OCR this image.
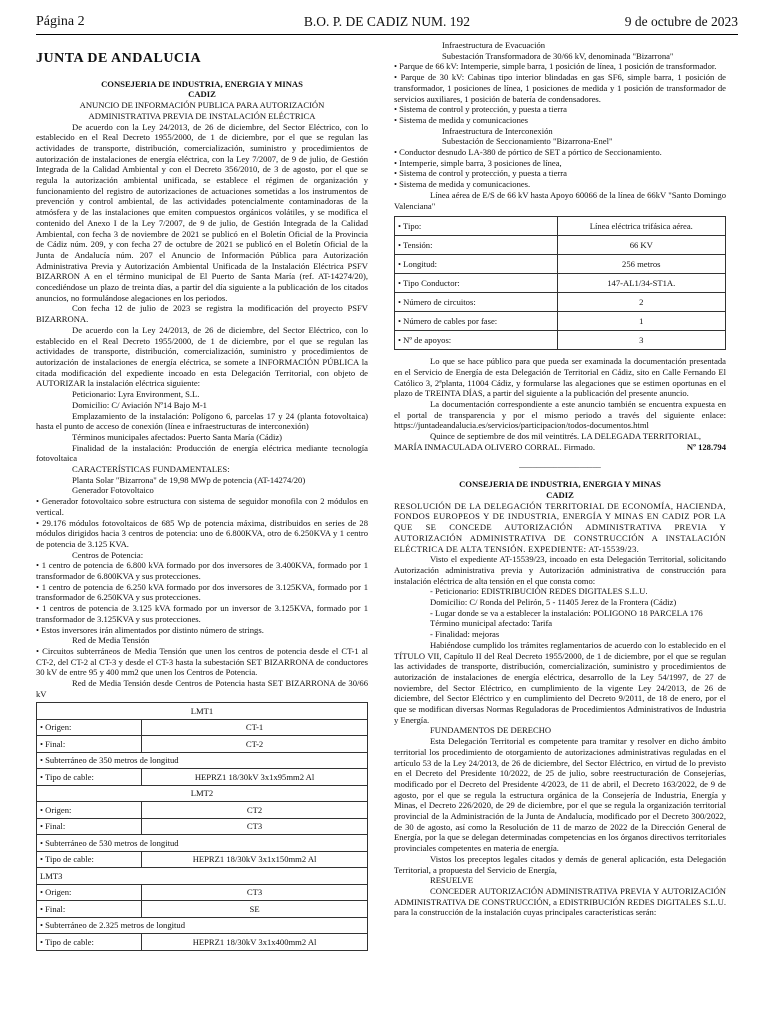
Página 2	B.O. P. DE CADIZ NUM. 192	9 de octubre de 2023

JUNTA DE ANDALUCIA

CONSEJERIA DE INDUSTRIA, ENERGIA Y MINAS

CADIZ

ANUNCIO DE INFORMACIÓN PUBLICA PARA AUTORIZACIÓN

ADMINISTRATIVA PREVIA DE INSTALACIÓN ELÉCTRICA

De acuerdo con la Ley 24/2013, de 26 de diciembre, del Sector Eléctrico, con lo establecido en el Real Decreto 1955/2000, de 1 de diciembre, por el que se regulan las actividades de transporte, distribución, comercialización, suministro y procedimientos de autorización de instalaciones de energía eléctrica, con la Ley 7/2007, de 9 de julio, de Gestión Integrada de la Calidad Ambiental y con el Decreto 356/2010, de 3 de agosto, por el que se regula la autorización ambiental unificada, se establece el régimen de organización y funcionamiento del registro de autorizaciones de actuaciones sometidas a los instrumentos de prevención y control ambiental, de las actividades potencialmente contaminadoras de la atmósfera y de las instalaciones que emiten compuestos orgánicos volátiles, y se modifica el contenido del Anexo I de la Ley 7/2007, de 9 de julio, de Gestión Integrada de la Calidad Ambiental, con fecha 3 de noviembre de 2021 se publicó en el Boletín Oficial de la Provincia de Cádiz núm. 209, y con fecha 27 de octubre de 2021 se publicó en el Boletín Oficial de la Junta de Andalucía núm. 207 el Anuncio de Información Pública para Autorización Administrativa Previa y Autorización Ambiental Unificada de la Instalación Eléctrica PSFV BIZARRON A en el término municipal de El Puerto de Santa María (ref. AT-14274/20), concediéndose un plazo de treinta días, a partir del día siguiente a la publicación de los citados anuncios, no formulándose alegaciones en los periodos.

Con fecha 12 de julio de 2023 se registra la modificación del proyecto PSFV BIZARRONA.

De acuerdo con la Ley 24/2013, de 26 de diciembre, del Sector Eléctrico, con lo establecido en el Real Decreto 1955/2000, de 1 de diciembre, por el que se regulan las actividades de transporte, distribución, comercialización, suministro y procedimientos de autorización de instalaciones de energía eléctrica, se somete a INFORMACIÓN PÚBLICA la citada modificación del expediente incoado en esta Delegación Territorial, con objeto de AUTORIZAR la instalación eléctrica siguiente:

Peticionario: Lyra Environment, S.L.

Domicilio: C/ Aviación Nº14 Bajo M-1

Emplazamiento de la instalación: Polígono 6, parcelas 17 y 24 (planta fotovoltaica) hasta el punto de acceso de conexión (línea e infraestructuras de interconexión)

Términos municipales afectados: Puerto Santa María (Cádiz)

Finalidad de la instalación: Producción de energía eléctrica mediante tecnología fotovoltaica

CARACTERÍSTICAS FUNDAMENTALES:

Planta Solar "Bizarrona" de 19,98 MWp de potencia (AT-14274/20)

Generador Fotovoltaico

• Generador fotovoltaico sobre estructura con sistema de seguidor monofila con 2 módulos en vertical.

• 29.176 módulos fotovoltaicos de 685 Wp de potencia máxima, distribuidos en series de 28 módulos dirigidos hacia 3 centros de potencia: uno de 6.800KVA, otro de 6.250KVA y 1 centro de potencia de 3.125 KVA.

Centros de Potencia:

• 1 centro de potencia de 6.800 kVA formado por dos inversores de 3.400KVA, formado por 1 transformador de 6.800KVA y sus protecciones.

• 1 centro de potencia de 6.250 kVA formado por dos inversores de 3.125KVA, formado por 1 transformador de 6.250KVA y sus protecciones.

• 1 centros de potencia de 3.125 kVA formado por un inversor de 3.125KVA, formado por 1 transformador de 3.125KVA y sus protecciones.

• Estos inversores irán alimentados por distinto número de strings.

Red de Media Tensión

• Circuitos subterráneos de Media Tensión que unen los centros de potencia desde el CT-1 al CT-2, del CT-2 al CT-3 y desde el CT-3 hasta la subestación SET BIZARRONA de conductores 30 kV de entre 95 y 400 mm2 que unen los Centros de Potencia.

Red de Media Tensión desde Centros de Potencia hasta SET BIZARRONA de 30/66 kV

LMT1	
• Origen:	CT-1
• Final:	CT-2
• Subterráneo de 350 metros de longitud	
• Tipo de cable:	HEPRZ1 18/30kV 3x1x95mm2 Al
LMT2	
• Origen:	CT2
• Final:	CT3
• Subterráneo de 530 metros de longitud	
• Tipo de cable:	HEPRZ1 18/30kV 3x1x150mm2 Al
LMT3	
• Origen:	CT3
• Final:	SE
• Subterráneo de 2.325 metros de longitud	
• Tipo de cable:	HEPRZ1 18/30kV 3x1x400mm2 Al

Infraestructura de Evacuación

Subestación Transformadora de 30/66 kV, denominada "Bizarrona"

• Parque de 66 kV: Intemperie, simple barra, 1 posición de línea, 1 posición de transformador.

• Parque de 30 kV: Cabinas tipo interior blindadas en gas SF6, simple barra, 1 posición de transformador, 1 posiciones de línea, 1 posiciones de medida y 1 posición de transformador de servicios auxiliares, 1 posición de batería de condensadores.

• Sistema de control y protección, y puesta a tierra

• Sistema de medida y comunicaciones

Infraestructura de Interconexión

Subestación de Seccionamiento "Bizarrona-Enel"

• Conductor desnudo LA-380 de pórtico de SET a pórtico de Seccionamiento.

• Intemperie, simple barra, 3 posiciones de línea,

• Sistema de control y protección, y puesta a tierra

• Sistema de medida y comunicaciones.

Línea aérea de E/S de 66 kV hasta Apoyo 60066 de la línea de 66kV "Santo Domingo Valenciana"

• Tipo:	Línea eléctrica trifásica aérea.
• Tensión:	66 KV
• Longitud:	256 metros
• Tipo Conductor:	147-AL1/34-ST1A.
• Número de circuitos:	2
• Número de cables por fase:	1
• Nº de apoyos:	3

Lo que se hace público para que pueda ser examinada la documentación presentada en el Servicio de Energía de esta Delegación de Territorial en Cádiz, sito en Calle Fernando El Católico 3, 2ªplanta, 11004 Cádiz, y formularse las alegaciones que se estimen oportunas en el plazo de TREINTA DÍAS, a partir del siguiente a la publicación del presente anuncio.

La documentación correspondiente a este anuncio también se encuentra expuesta en el portal de transparencia y por el mismo periodo a través del siguiente enlace: https://juntadeandalucia.es/servicios/participacion/todos-documentos.html

Quince de septiembre de dos mil veintitrés. LA DELEGADA TERRITORIAL,

MARÍA INMACULADA OLIVERO CORRAL. Firmado.	Nº 128.794

___________________

CONSEJERIA DE INDUSTRIA, ENERGIA Y MINAS

CADIZ

RESOLUCIÓN DE LA DELEGACIÓN TERRITORIAL DE ECONOMÍA, HACIENDA, FONDOS EUROPEOS Y DE INDUSTRIA, ENERGÍA Y MINAS EN CADIZ POR LA QUE SE CONCEDE AUTORIZACIÓN ADMINISTRATIVA PREVIA Y AUTORIZACIÓN ADMINISTRATIVA DE CONSTRUCCIÓN A INSTALACIÓN ELÉCTRICA DE ALTA TENSIÓN. EXPEDIENTE: AT-15539/23.

Visto el expediente AT-15539/23, incoado en esta Delegación Territorial, solicitando Autorización administrativa previa y Autorización administrativa de construcción para instalación eléctrica de alta tensión en el que consta como:

- Peticionario: EDISTRIBUCIÓN REDES DIGITALES S.L.U.

Domicilio: C/ Ronda del Pelirón, 5 - 11405 Jerez de la Frontera (Cádiz)

- Lugar donde se va a establecer la instalación: POLIGONO 18 PARCELA 176

Término municipal afectado: Tarifa

- Finalidad: mejoras

Habiéndose cumplido los trámites reglamentarios de acuerdo con lo establecido en el TÍTULO VII, Capítulo II del Real Decreto 1955/2000, de 1 de diciembre, por el que se regulan las actividades de transporte, distribución, comercialización, suministro y procedimientos de autorización de instalaciones de energía eléctrica, desarrollo de la Ley 54/1997, de 27 de noviembre, del Sector Eléctrico, en cumplimiento de la vigente Ley 24/2013, de 26 de diciembre, del Sector Eléctrico y en cumplimiento del Decreto 9/2011, de 18 de enero, por el que se modifican diversas Normas Reguladoras de Procedimientos Administrativos de Industria y Energía.

FUNDAMENTOS DE DERECHO

Esta Delegación Territorial es competente para tramitar y resolver en dicho ámbito territorial los procedimiento de otorgamiento de autorizaciones administrativas reguladas en el artículo 53 de la Ley 24/2013, de 26 de diciembre, del Sector Eléctrico, en virtud de lo previsto en el Decreto del Presidente 10/2022, de 25 de julio, sobre reestructuración de Consejerías, modificado por el Decreto del Presidente 4/2023, de 11 de abril, el Decreto 163/2022, de 9 de agosto, por el que se regula la estructura orgánica de la Consejería de Industria, Energía y Minas, el Decreto 226/2020, de 29 de diciembre, por el que se regula la organización territorial provincial de la Administración de la Junta de Andalucía, modificado por el Decreto 300/2022, de 30 de agosto, así como la Resolución de 11 de marzo de 2022 de la Dirección General de Energía, por la que se delegan determinadas competencias en los órganos directivos territoriales provinciales competentes en materia de energía.

Vistos los preceptos legales citados y demás de general aplicación, esta Delegación Territorial, a propuesta del Servicio de Energía,

RESUELVE

CONCEDER AUTORIZACIÓN ADMINISTRATIVA PREVIA Y AUTORIZACIÓN ADMINISTRATIVA DE CONSTRUCCIÓN, a EDISTRIBUCIÓN REDES DIGITALES S.L.U. para la construcción de la instalación cuyas principales características serán:
